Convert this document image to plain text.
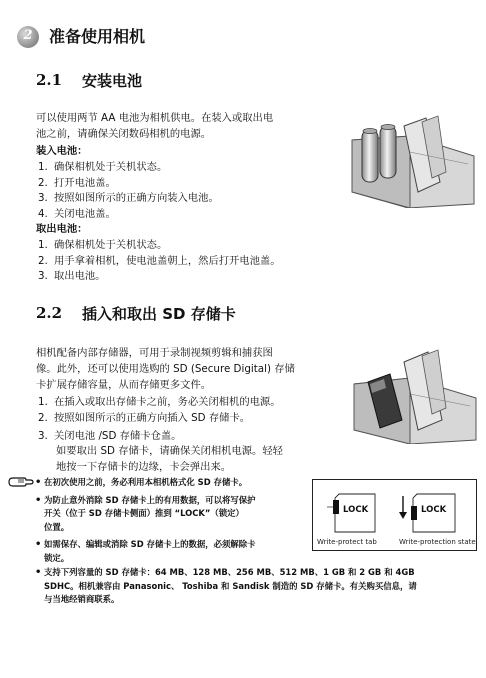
2	准备使用相机
2.1 安装电池
可以使用两节 AA 电池为相机供电。在装入或取出电
池之前，请确保关闭数码相机的电源。
装入电池：
1. 确保相机处于关机状态。
2. 打开电池盖。
3. 按照如图所示的正确方向装入电池。
4. 关闭电池盖。
取出电池：
1. 确保相机处于关机状态。
2. 用手拿着相机，使电池盖朝上，然后打开电池盖。
3. 取出电池。
2.2 插入和取出 SD 存储卡
相机配备内部存储器，可用于录制视频剪辑和捕获图
像。此外，还可以使用选购的 SD (Secure Digital) 存储
卡扩展存储容量，从而存储更多文件。
1. 在插入或取出存储卡之前，务必关闭相机的电源。
2. 按照如图所示的正确方向插入 SD 存储卡。
3. 关闭电池 /SD 存储卡仓盖。
如要取出 SD 存储卡，请确保关闭相机电源。轻轻
地按一下存储卡的边缘，卡会弹出来。
• 在初次使用之前，务必利用本相机格式化 SD 存储卡。
• 为防止意外消除 SD 存储卡上的有用数据，可以将写保护
开关（位于 SD 存储卡侧面）推到 “LOCK”（锁定）
位置。
• 如需保存、编辑或消除 SD 存储卡上的数据，必须解除卡
锁定。
• 支持下列容量的 SD 存储卡：64 MB、128 MB、256 MB、512 MB、1 GB 和 2 GB 和 4GB
SDHC。相机兼容由 Panasonic、 Toshiba 和 Sandisk 制造的 SD 存储卡。有关购买信息，请
与当地经销商联系。
LOCK	LOCK
Write-protect tab	Write-protection state
